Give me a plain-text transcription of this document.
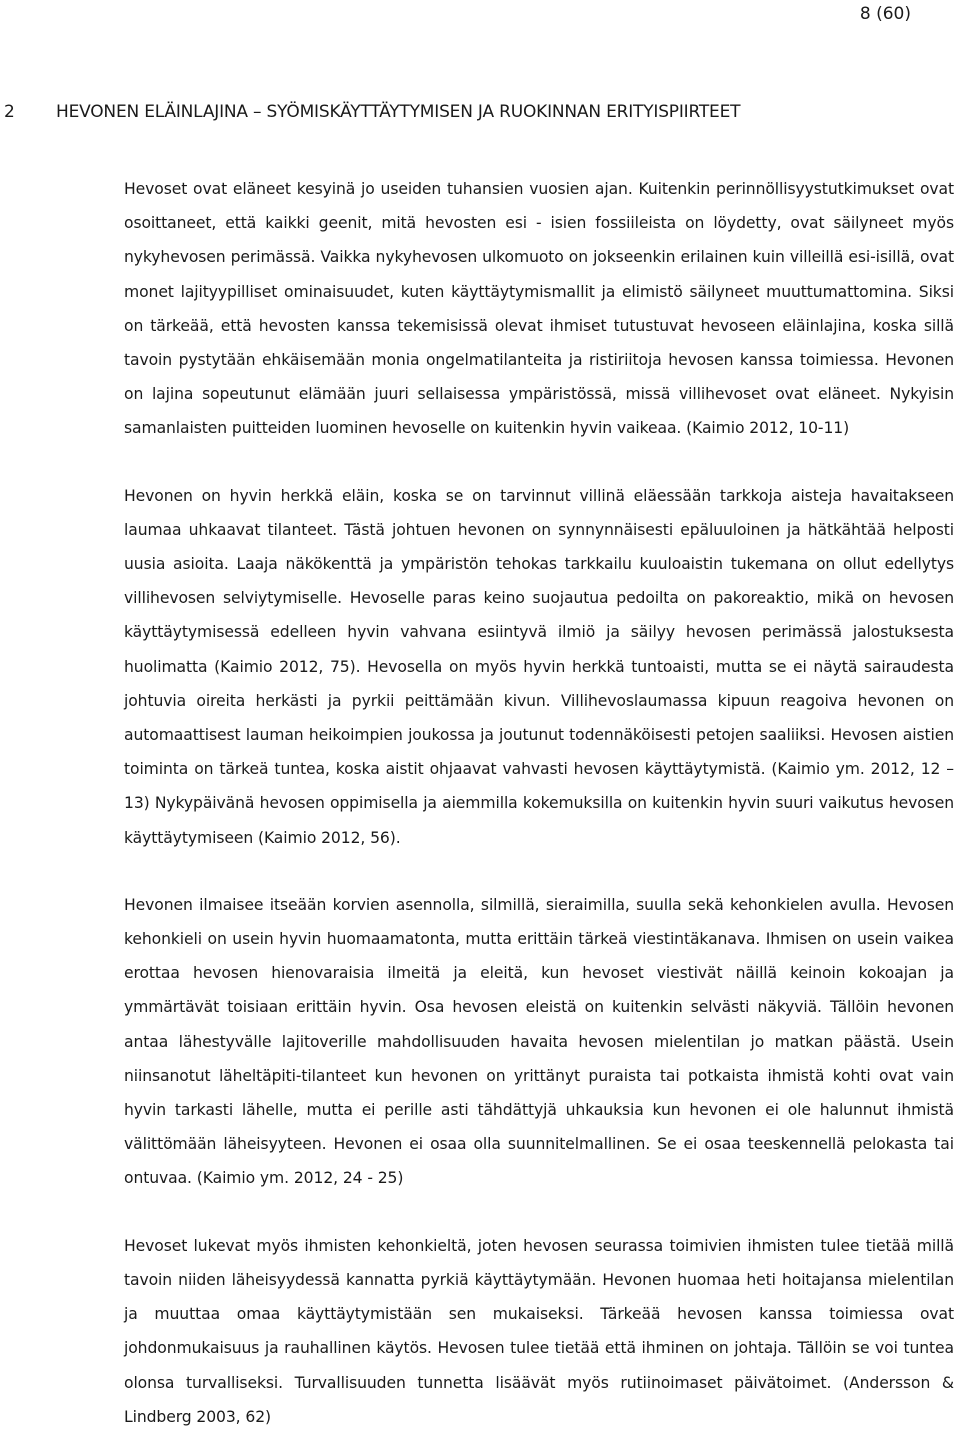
8 (60)

2 HEVONEN ELÄINLAJINA – SYÖMISKÄYTTÄYTYMISEN JA RUOKINNAN ERITYISPIIRTEET

Hevoset ovat eläneet kesyinä jo useiden tuhansien vuosien ajan. Kuitenkin perinnöllisyystutkimukset ovat osoittaneet, että kaikki geenit, mitä hevosten esi - isien fossiileista on löydetty, ovat säilyneet myös nykyhevosen perimässä. Vaikka nykyhevosen ulkomuoto on jokseenkin erilainen kuin villeillä esi-isillä, ovat monet lajityypilliset ominaisuudet, kuten käyttäytymismallit ja elimistö säilyneet muuttumattomina. Siksi on tärkeää, että hevosten kanssa tekemisissä olevat ihmiset tutustuvat hevoseen eläinlajina, koska sillä tavoin pystytään ehkäisemään monia ongelmatilanteita ja ristiriitoja hevosen kanssa toimiessa. Hevonen on lajina sopeutunut elämään juuri sellaisessa ympäristössä, missä villihevoset ovat eläneet. Nykyisin samanlaisten puitteiden luominen hevoselle on kuitenkin hyvin vaikeaa. (Kaimio 2012, 10-11)

Hevonen on hyvin herkkä eläin, koska se on tarvinnut villinä eläessään tarkkoja aisteja havaitakseen laumaa uhkaavat tilanteet. Tästä johtuen hevonen on synnynnäisesti epäluuloinen ja hätkähtää helposti uusia asioita. Laaja näkökenttä ja ympäristön tehokas tarkkailu kuuloaistin tukemana on ollut edellytys villihevosen selviytymiselle. Hevoselle paras keino suojautua pedoilta on pakoreaktio, mikä on hevosen käyttäytymisessä edelleen hyvin vahvana esiintyvä ilmiö ja säilyy hevosen perimässä jalostuksesta huolimatta (Kaimio 2012, 75). Hevosella on myös hyvin herkkä tuntoaisti, mutta se ei näytä sairaudesta johtuvia oireita herkästi ja pyrkii peittämään kivun. Villihevoslaumassa kipuun reagoiva hevonen on automaattisest lauman heikoimpien joukossa ja joutunut todennäköisesti petojen saaliiksi. Hevosen aistien toiminta on tärkeä tuntea, koska aistit ohjaavat vahvasti hevosen käyttäytymistä. (Kaimio ym. 2012, 12 – 13) Nykypäivänä hevosen oppimisella ja aiemmilla kokemuksilla on kuitenkin hyvin suuri vaikutus hevosen käyttäytymiseen (Kaimio 2012, 56).

Hevonen ilmaisee itseään korvien asennolla, silmillä, sieraimilla, suulla sekä kehonkielen avulla. Hevosen kehonkieli on usein hyvin huomaamatonta, mutta erittäin tärkeä viestintäkanava. Ihmisen on usein vaikea erottaa hevosen hienovaraisia ilmeitä ja eleitä, kun hevoset viestivät näillä keinoin kokoajan ja ymmärtävät toisiaan erittäin hyvin. Osa hevosen eleistä on kuitenkin selvästi näkyviä. Tällöin hevonen antaa lähestyvälle lajitoverille mahdollisuuden havaita hevosen mielentilan jo matkan päästä. Usein niinsanotut läheltäpiti-tilanteet kun hevonen on yrittänyt puraista tai potkaista ihmistä kohti ovat vain hyvin tarkasti lähelle, mutta ei perille asti tähdättyjä uhkauksia kun hevonen ei ole halunnut ihmistä välittömään läheisyyteen. Hevonen ei osaa olla suunnitelmallinen. Se ei osaa teeskennellä pelokasta tai ontuvaa. (Kaimio ym. 2012, 24 - 25)

Hevoset lukevat myös ihmisten kehonkieltä, joten hevosen seurassa toimivien ihmisten tulee tietää millä tavoin niiden läheisyydessä kannatta pyrkiä käyttäytymään. Hevonen huomaa heti hoitajansa mielentilan ja muuttaa omaa käyttäytymistään sen mukaiseksi. Tärkeää hevosen kanssa toimiessa ovat johdonmukaisuus ja rauhallinen käytös. Hevosen tulee tietää että ihminen on johtaja. Tällöin se voi tuntea olonsa turvalliseksi. Turvallisuuden tunnetta lisäävät myös rutiinoimaset päivätoimet. (Andersson & Lindberg 2003, 62)
